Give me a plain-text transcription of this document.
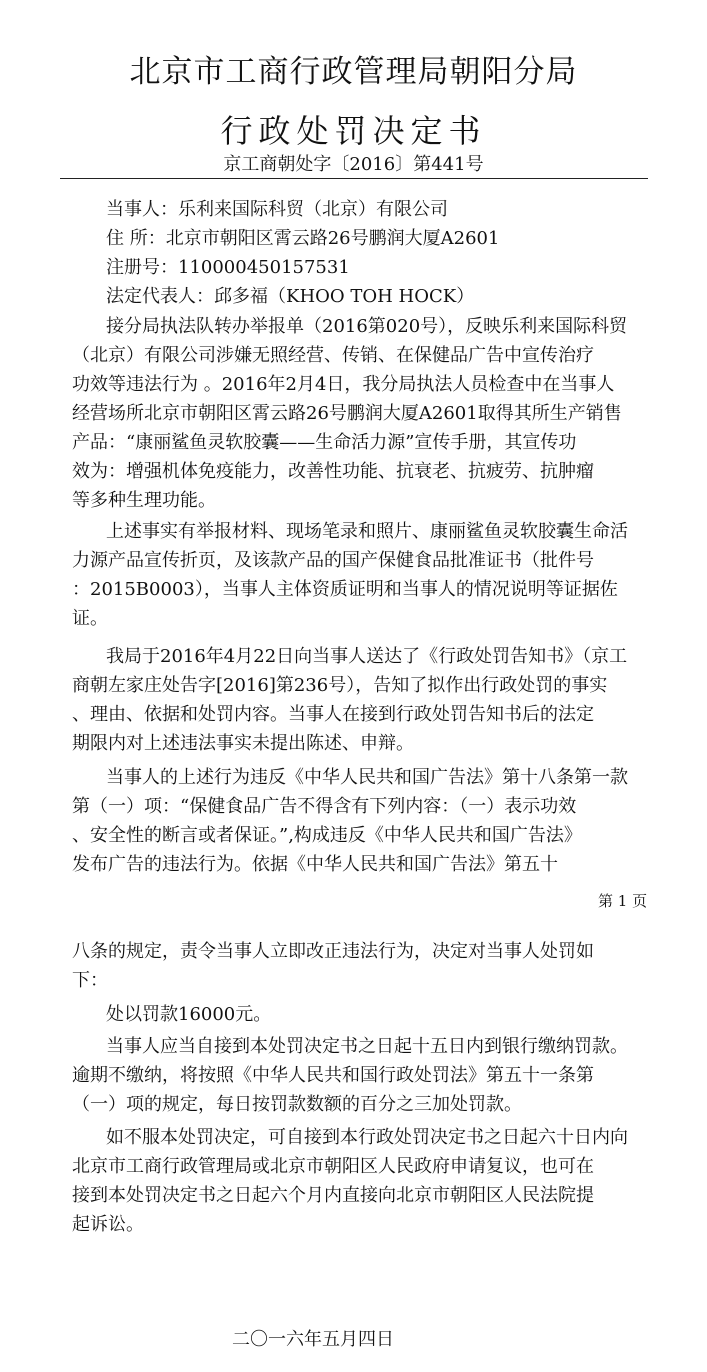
北京市工商行政管理局朝阳分局
行政处罚决定书
京工商朝处字〔2016〕第441号
当事人：乐利来国际科贸（北京）有限公司
住 所：北京市朝阳区霄云路26号鹏润大厦A2601
注册号：110000450157531
法定代表人：邱多福（KHOO TOH HOCK）
接分局执法队转办举报单（2016第020号），反映乐利来国际科贸
（北京）有限公司涉嫌无照经营、传销、在保健品广告中宣传治疗
功效等违法行为 。2016年2月4日，我分局执法人员检查中在当事人
经营场所北京市朝阳区霄云路26号鹏润大厦A2601取得其所生产销售
产品：“康丽鲨鱼灵软胶囊——生命活力源”宣传手册，其宣传功
效为：增强机体免疫能力，改善性功能、抗衰老、抗疲劳、抗肿瘤
等多种生理功能。
上述事实有举报材料、现场笔录和照片、康丽鲨鱼灵软胶囊生命活
力源产品宣传折页，及该款产品的国产保健食品批准证书（批件号
：2015B0003），当事人主体资质证明和当事人的情况说明等证据佐
证。
我局于2016年4月22日向当事人送达了《行政处罚告知书》（京工
商朝左家庄处告字[2016]第236号），告知了拟作出行政处罚的事实
、理由、依据和处罚内容。当事人在接到行政处罚告知书后的法定
期限内对上述违法事实未提出陈述、申辩。
当事人的上述行为违反《中华人民共和国广告法》第十八条第一款
第（一）项：“保健食品广告不得含有下列内容：（一）表示功效
、安全性的断言或者保证。”,构成违反《中华人民共和国广告法》
发布广告的违法行为。依据《中华人民共和国广告法》第五十
八条的规定，责令当事人立即改正违法行为，决定对当事人处罚如
下：
处以罚款16000元。
当事人应当自接到本处罚决定书之日起十五日内到银行缴纳罚款。
逾期不缴纳，将按照《中华人民共和国行政处罚法》第五十一条第
（一）项的规定，每日按罚款数额的百分之三加处罚款。
如不服本处罚决定，可自接到本行政处罚决定书之日起六十日内向
北京市工商行政管理局或北京市朝阳区人民政府申请复议，也可在
接到本处罚决定书之日起六个月内直接向北京市朝阳区人民法院提
起诉讼。
第 1 页
二〇一六年五月四日
